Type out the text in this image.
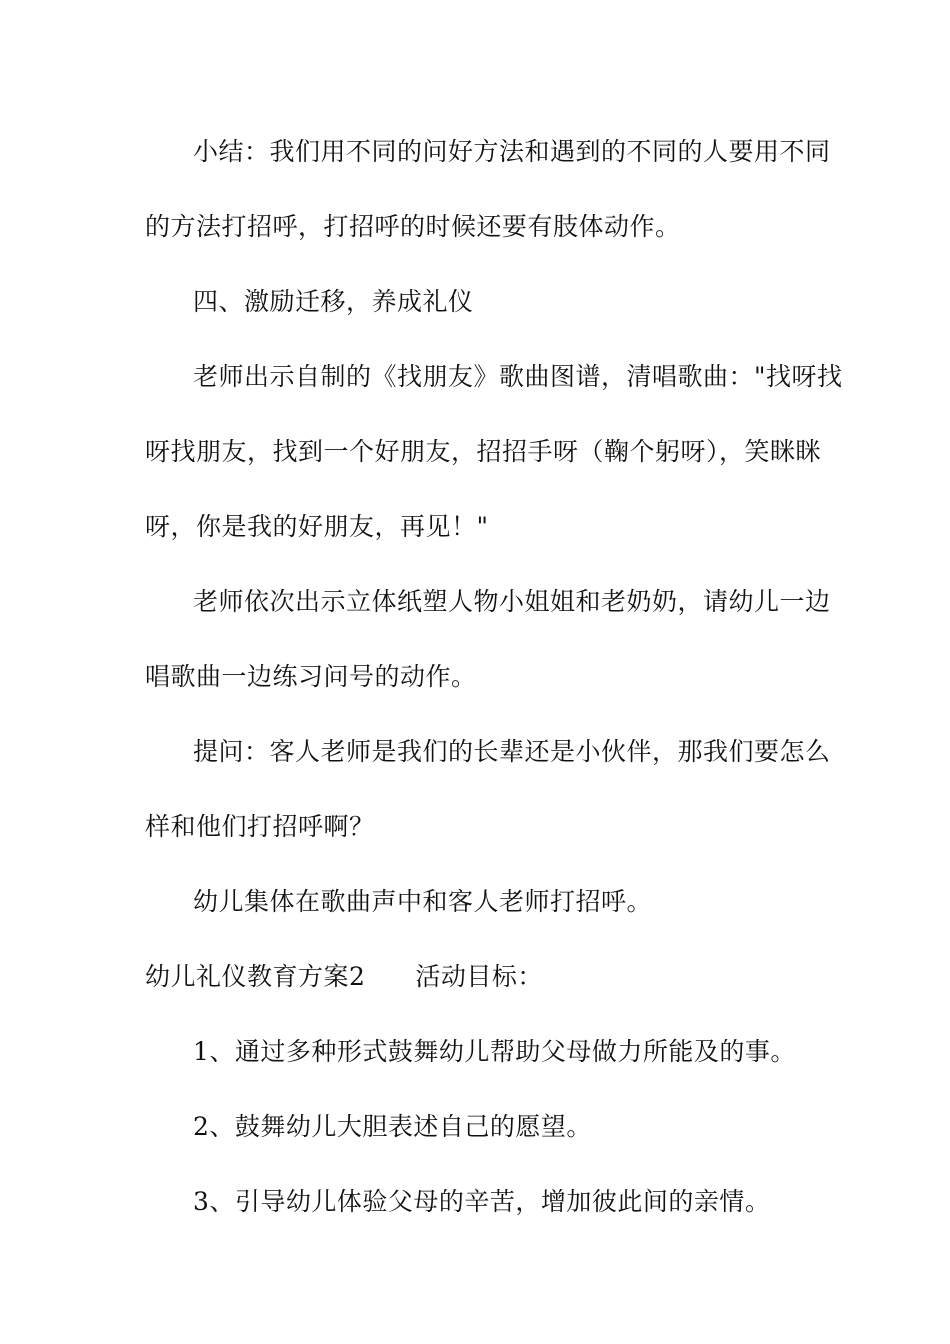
小结：我们用不同的问好方法和遇到的不同的人要用不同
的方法打招呼，打招呼的时候还要有肢体动作。
四、激励迁移，养成礼仪
老师出示自制的《找朋友》歌曲图谱，清唱歌曲："找呀找
呀找朋友，找到一个好朋友，招招手呀（鞠个躬呀），笑眯眯
呀，你是我的好朋友，再见！"
老师依次出示立体纸塑人物小姐姐和老奶奶，请幼儿一边
唱歌曲一边练习问号的动作。
提问：客人老师是我们的长辈还是小伙伴，那我们要怎么
样和他们打招呼啊？
幼儿集体在歌曲声中和客人老师打招呼。
幼儿礼仪教育方案2 活动目标：
1、通过多种形式鼓舞幼儿帮助父母做力所能及的事。
2、鼓舞幼儿大胆表述自己的愿望。
3、引导幼儿体验父母的辛苦，增加彼此间的亲情。
